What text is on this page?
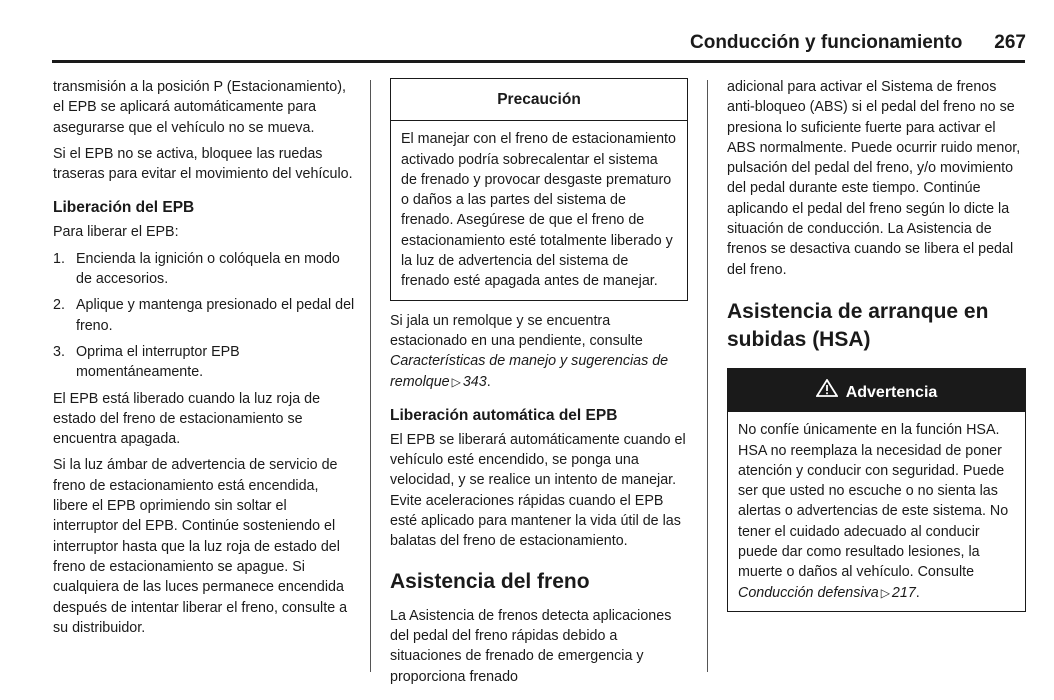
Conducción y funcionamiento 267

transmisión a la posición P (Estacionamiento), el EPB se aplicará automáticamente para asegurarse que el vehículo no se mueva.

Si el EPB no se activa, bloquee las ruedas traseras para evitar el movimiento del vehículo.

Liberación del EPB

Para liberar el EPB:

1. Encienda la ignición o colóquela en modo de accesorios.
2. Aplique y mantenga presionado el pedal del freno.
3. Oprima el interruptor EPB momentáneamente.

El EPB está liberado cuando la luz roja de estado del freno de estacionamiento se encuentra apagada.

Si la luz ámbar de advertencia de servicio de freno de estacionamiento está encendida, libere el EPB oprimiendo sin soltar el interruptor del EPB. Continúe sosteniendo el interruptor hasta que la luz roja de estado del freno de estacionamiento se apague. Si cualquiera de las luces permanece encendida después de intentar liberar el freno, consulte a su distribuidor.

Precaución
El manejar con el freno de estacionamiento activado podría sobrecalentar el sistema de frenado y provocar desgaste prematuro o daños a las partes del sistema de frenado. Asegúrese de que el freno de estacionamiento esté totalmente liberado y la luz de advertencia del sistema de frenado esté apagada antes de manejar.

Si jala un remolque y se encuentra estacionado en una pendiente, consulte Características de manejo y sugerencias de remolque ▷ 343.

Liberación automática del EPB

El EPB se liberará automáticamente cuando el vehículo esté encendido, se ponga una velocidad, y se realice un intento de manejar. Evite aceleraciones rápidas cuando el EPB esté aplicado para mantener la vida útil de las balatas del freno de estacionamiento.

Asistencia del freno

La Asistencia de frenos detecta aplicaciones del pedal del freno rápidas debido a situaciones de frenado de emergencia y proporciona frenado

adicional para activar el Sistema de frenos anti-bloqueo (ABS) si el pedal del freno no se presiona lo suficiente fuerte para activar el ABS normalmente. Puede ocurrir ruido menor, pulsación del pedal del freno, y/o movimiento del pedal durante este tiempo. Continúe aplicando el pedal del freno según lo dicte la situación de conducción. La Asistencia de frenos se desactiva cuando se libera el pedal del freno.

Asistencia de arranque en subidas (HSA)
Advertencia
No confíe únicamente en la función HSA. HSA no reemplaza la necesidad de poner atención y conducir con seguridad. Puede ser que usted no escuche o no sienta las alertas o advertencias de este sistema. No tener el cuidado adecuado al conducir puede dar como resultado lesiones, la muerte o daños al vehículo. Consulte Conducción defensiva ▷ 217.
